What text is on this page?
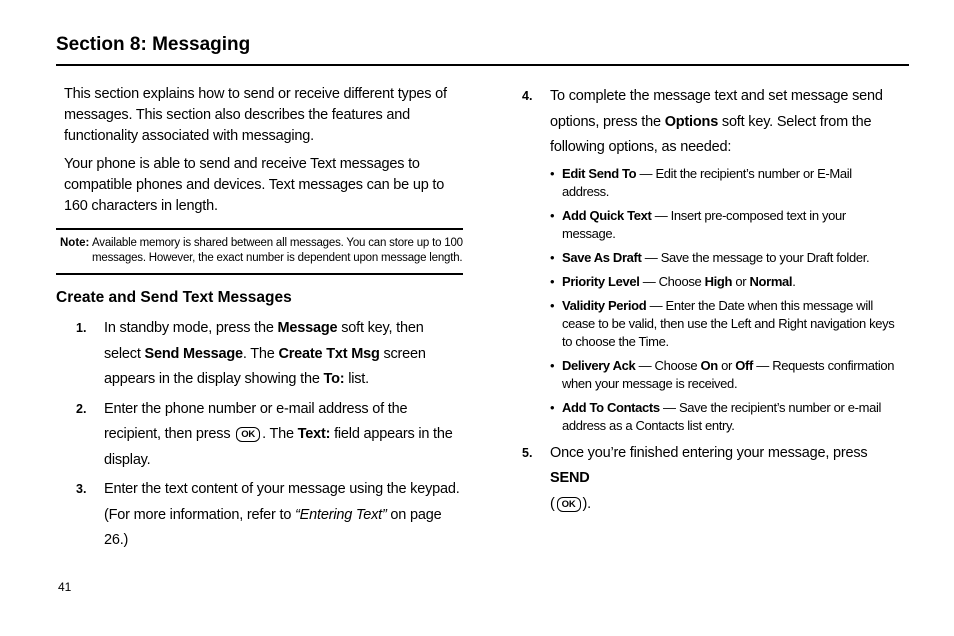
Section 8: Messaging

This section explains how to send or receive different types of messages. This section also describes the features and functionality associated with messaging.

Your phone is able to send and receive Text messages to compatible phones and devices. Text messages can be up to 160 characters in length.

Note: Available memory is shared between all messages. You can store up to 100 messages. However, the exact number is dependent upon message length.
Create and Send Text Messages
1.	In standby mode, press the Message soft key, then select Send Message. The Create Txt Msg screen appears in the display showing the To: list.
2.	Enter the phone number or e-mail address of the recipient, then press OK . The Text: field appears in the display.
3.	Enter the text content of your message using the keypad. (For more information, refer to “Entering Text” on page 26.)
4.	To complete the message text and set message send options, press the Options soft key. Select from the following options, as needed:
• Edit Send To — Edit the recipient’s number or E-Mail address.
• Add Quick Text — Insert pre-composed text in your message.
• Save As Draft — Save the message to your Draft folder.
• Priority Level — Choose High or Normal.
• Validity Period — Enter the Date when this message will cease to be valid, then use the Left and Right navigation keys to choose the Time.
• Delivery Ack — Choose On or Off — Requests confirmation when your message is received.
• Add To Contacts — Save the recipient’s number or e-mail address as a Contacts list entry.
5.	Once you’re finished entering your message, press SEND
( OK ).
41
